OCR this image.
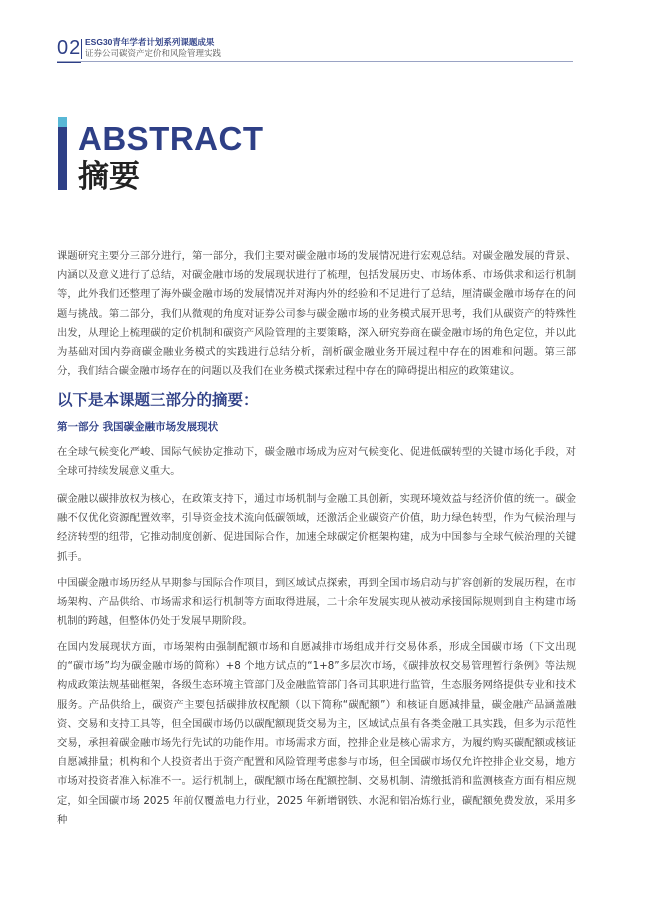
02 ESG30青年学者计划系列课题成果
证券公司碳资产定价和风险管理实践
ABSTRACT
摘要

课题研究主要分三部分进行，第一部分，我们主要对碳金融市场的发展情况进行宏观总结。对碳金融发展的背景、内涵以及意义进行了总结，对碳金融市场的发展现状进行了梳理，包括发展历史、市场体系、市场供求和运行机制等，此外我们还整理了海外碳金融市场的发展情况并对海内外的经验和不足进行了总结，厘清碳金融市场存在的问题与挑战。第二部分，我们从微观的角度对证券公司参与碳金融市场的业务模式展开思考，我们从碳资产的特殊性出发，从理论上梳理碳的定价机制和碳资产风险管理的主要策略，深入研究券商在碳金融市场的角色定位，并以此为基础对国内券商碳金融业务模式的实践进行总结分析，剖析碳金融业务开展过程中存在的困难和问题。第三部分，我们结合碳金融市场存在的问题以及我们在业务模式探索过程中存在的障碍提出相应的政策建议。

以下是本课题三部分的摘要：
第一部分 我国碳金融市场发展现状

在全球气候变化严峻、国际气候协定推动下，碳金融市场成为应对气候变化、促进低碳转型的关键市场化手段，对全球可持续发展意义重大。

碳金融以碳排放权为核心，在政策支持下，通过市场机制与金融工具创新，实现环境效益与经济价值的统一。碳金融不仅优化资源配置效率，引导资金技术流向低碳领域，还激活企业碳资产价值，助力绿色转型，作为气候治理与经济转型的纽带，它推动制度创新、促进国际合作，加速全球碳定价框架构建，成为中国参与全球气候治理的关键抓手。

中国碳金融市场历经从早期参与国际合作项目，到区域试点探索，再到全国市场启动与扩容创新的发展历程，在市场架构、产品供给、市场需求和运行机制等方面取得进展，二十余年发展实现从被动承接国际规则到自主构建市场机制的跨越，但整体仍处于发展早期阶段。

在国内发展现状方面，市场架构由强制配额市场和自愿减排市场组成并行交易体系，形成全国碳市场（下文出现的“碳市场”均为碳金融市场的简称）+8 个地方试点的“1+8”多层次市场，《碳排放权交易管理暂行条例》等法规构成政策法规基础框架，各级生态环境主管部门及金融监管部门各司其职进行监管，生态服务网络提供专业和技术服务。产品供给上，碳资产主要包括碳排放权配额（以下简称“碳配额”）和核证自愿减排量，碳金融产品涵盖融资、交易和支持工具等，但全国碳市场仍以碳配额现货交易为主，区域试点虽有各类金融工具实践，但多为示范性交易，承担着碳金融市场先行先试的功能作用。市场需求方面，控排企业是核心需求方，为履约购买碳配额或核证自愿减排量；机构和个人投资者出于资产配置和风险管理考虑参与市场，但全国碳市场仅允许控排企业交易，地方市场对投资者准入标准不一。运行机制上，碳配额市场在配额控制、交易机制、清缴抵消和监测核查方面有相应规定，如全国碳市场 2025 年前仅覆盖电力行业，2025 年新增钢铁、水泥和铝冶炼行业，碳配额免费发放，采用多种
